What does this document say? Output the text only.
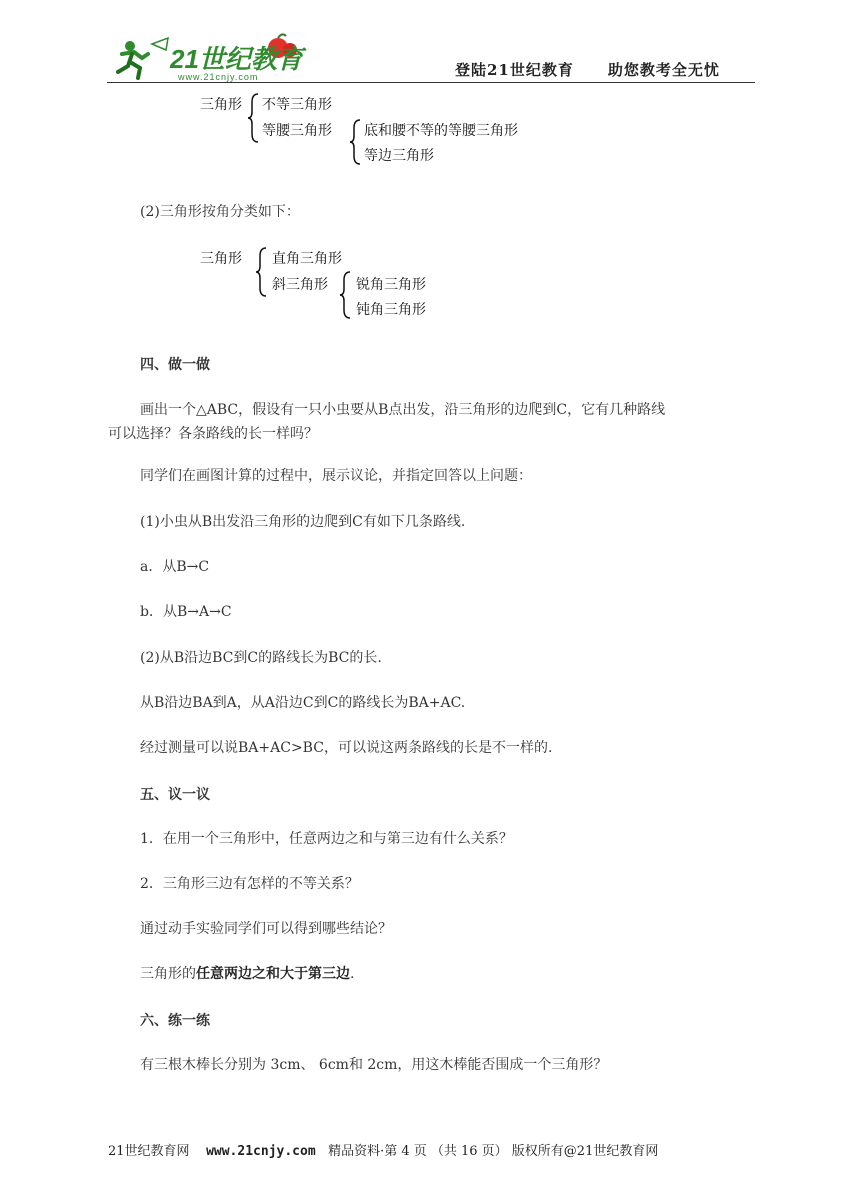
21世纪教育
www.21cnjy.com	登陆21世纪教育 助您教考全无忧
三角形 不等三角形
等腰三角形 底和腰不等的等腰三角形
等边三角形
(2)三角形按角分类如下：
三角形 直角三角形
斜三角形 锐角三角形
钝角三角形
四、做一做
画出一个△ABC，假设有一只小虫要从B点出发，沿三角形的边爬到C，它有几种路线
可以选择？各条路线的长一样吗？
同学们在画图计算的过程中，展示议论，并指定回答以上问题：
(1)小虫从B出发沿三角形的边爬到C有如下几条路线.
a．从B→C
b．从B→A→C
(2)从B沿边BC到C的路线长为BC的长.
从B沿边BA到A，从A沿边C到C的路线长为BA+AC.
经过测量可以说BA+AC>BC，可以说这两条路线的长是不一样的.
五、议一议
1．在用一个三角形中，任意两边之和与第三边有什么关系？
2．三角形三边有怎样的不等关系？
通过动手实验同学们可以得到哪些结论？
三角形的任意两边之和大于第三边.
六、练一练
有三根木棒长分别为 3cm、 6cm和 2cm，用这木棒能否围成一个三角形？
21世纪教育网 www.21cnjy.com 精品资料·第 4 页 （共 16 页） 版权所有@21世纪教育网
